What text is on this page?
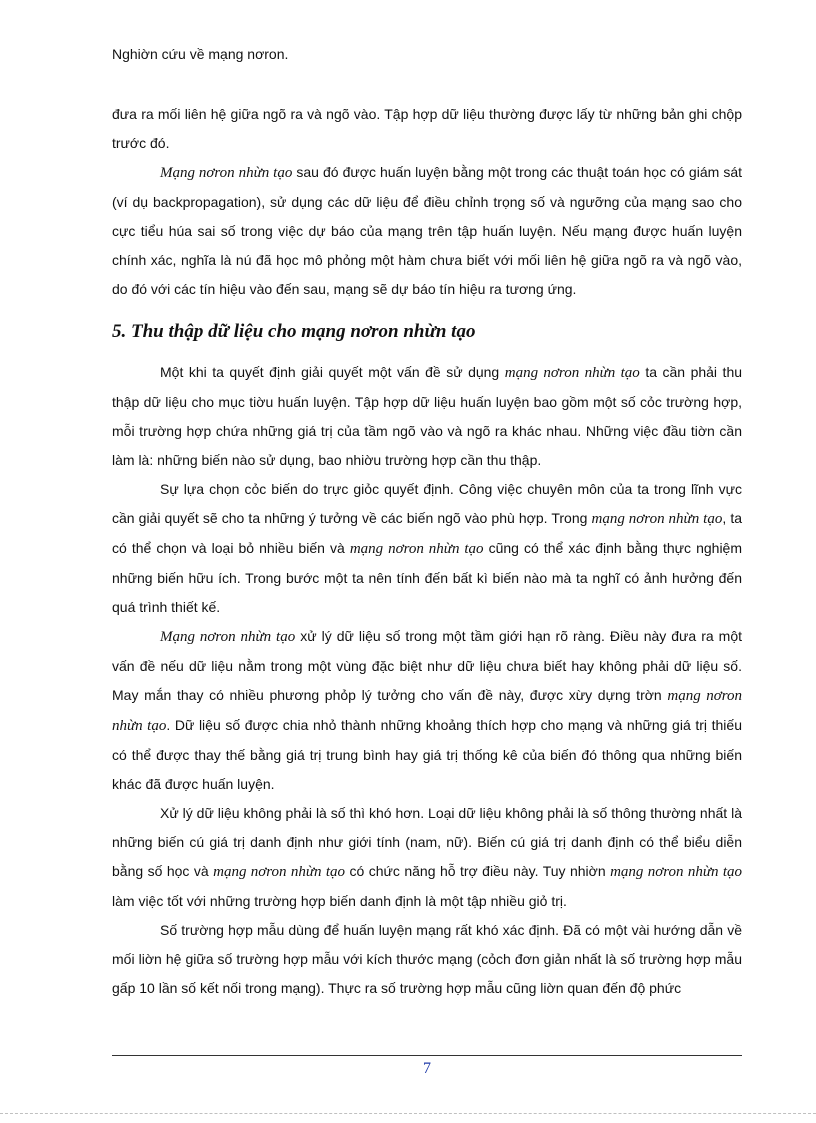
Nghiờn cứu về mạng nơron.

đưa ra mối liên hệ giữa ngõ ra và ngõ vào. Tập hợp dữ liệu thường được lấy từ những bản ghi chộp trước đó.

Mạng nơron nhừn tạo sau đó được huấn luyện bằng một trong các thuật toán học có giám sát (ví dụ backpropagation), sử dụng các dữ liệu để điều chỉnh trọng số và ngưỡng của mạng sao cho cực tiểu húa sai số trong việc dự báo của mạng trên tập huấn luyện. Nếu mạng được huấn luyện chính xác, nghĩa là nú đã học mô phỏng một hàm chưa biết với mối liên hệ giữa ngõ ra và ngõ vào, do đó với các tín hiệu vào đến sau, mạng sẽ dự báo tín hiệu ra tương ứng.

5. Thu thập dữ liệu cho mạng nơron nhừn tạo

Một khi ta quyết định giải quyết một vấn đề sử dụng mạng nơron nhừn tạo ta cần phải thu thập dữ liệu cho mục tiờu huấn luyện. Tập hợp dữ liệu huấn luyện bao gồm một số cỏc trường hợp, mỗi trường hợp chứa những giá trị của tầm ngõ vào và ngõ ra khác nhau. Những việc đầu tiờn cần làm là: những biến nào sử dụng, bao nhiờu trường hợp cần thu thập.

Sự lựa chọn cỏc biến do trực giỏc quyết định. Công việc chuyên môn của ta trong lĩnh vực cần giải quyết sẽ cho ta những ý tưởng về các biến ngõ vào phù hợp. Trong mạng nơron nhừn tạo, ta có thể chọn và loại bỏ nhiều biến và mạng nơron nhừn tạo cũng có thể xác định bằng thực nghiệm những biến hữu ích. Trong bước một ta nên tính đến bất kì biến nào mà ta nghĩ có ảnh hưởng đến quá trình thiết kế.

Mạng nơron nhừn tạo xử lý dữ liệu số trong một tầm giới hạn rõ ràng. Điều này đưa ra một vấn đề nếu dữ liệu nằm trong một vùng đặc biệt như dữ liệu chưa biết hay không phải dữ liệu số. May mắn thay có nhiều phương phỏp lý tưởng cho vấn đề này, được xừy dựng trờn mạng nơron nhừn tạo. Dữ liệu số được chia nhỏ thành những khoảng thích hợp cho mạng và những giá trị thiếu có thể được thay thế bằng giá trị trung bình hay giá trị thống kê của biến đó thông qua những biến khác đã được huấn luyện.

Xử lý dữ liệu không phải là số thì khó hơn. Loại dữ liệu không phải là số thông thường nhất là những biến cú giá trị danh định như giới tính (nam, nữ). Biến cú giá trị danh định có thể biểu diễn bằng số học và mạng nơron nhừn tạo có chức năng hỗ trợ điều này. Tuy nhiờn mạng nơron nhừn tạo làm việc tốt với những trường hợp biến danh định là một tập nhiều giỏ trị.

Số trường hợp mẫu dùng để huấn luyện mạng rất khó xác định. Đã có một vài hướng dẫn về mối liờn hệ giữa số trường hợp mẫu với kích thước mạng (cỏch đơn giản nhất là số trường hợp mẫu gấp 10 lần số kết nối trong mạng). Thực ra số trường hợp mẫu cũng liờn quan đến độ phức

7
